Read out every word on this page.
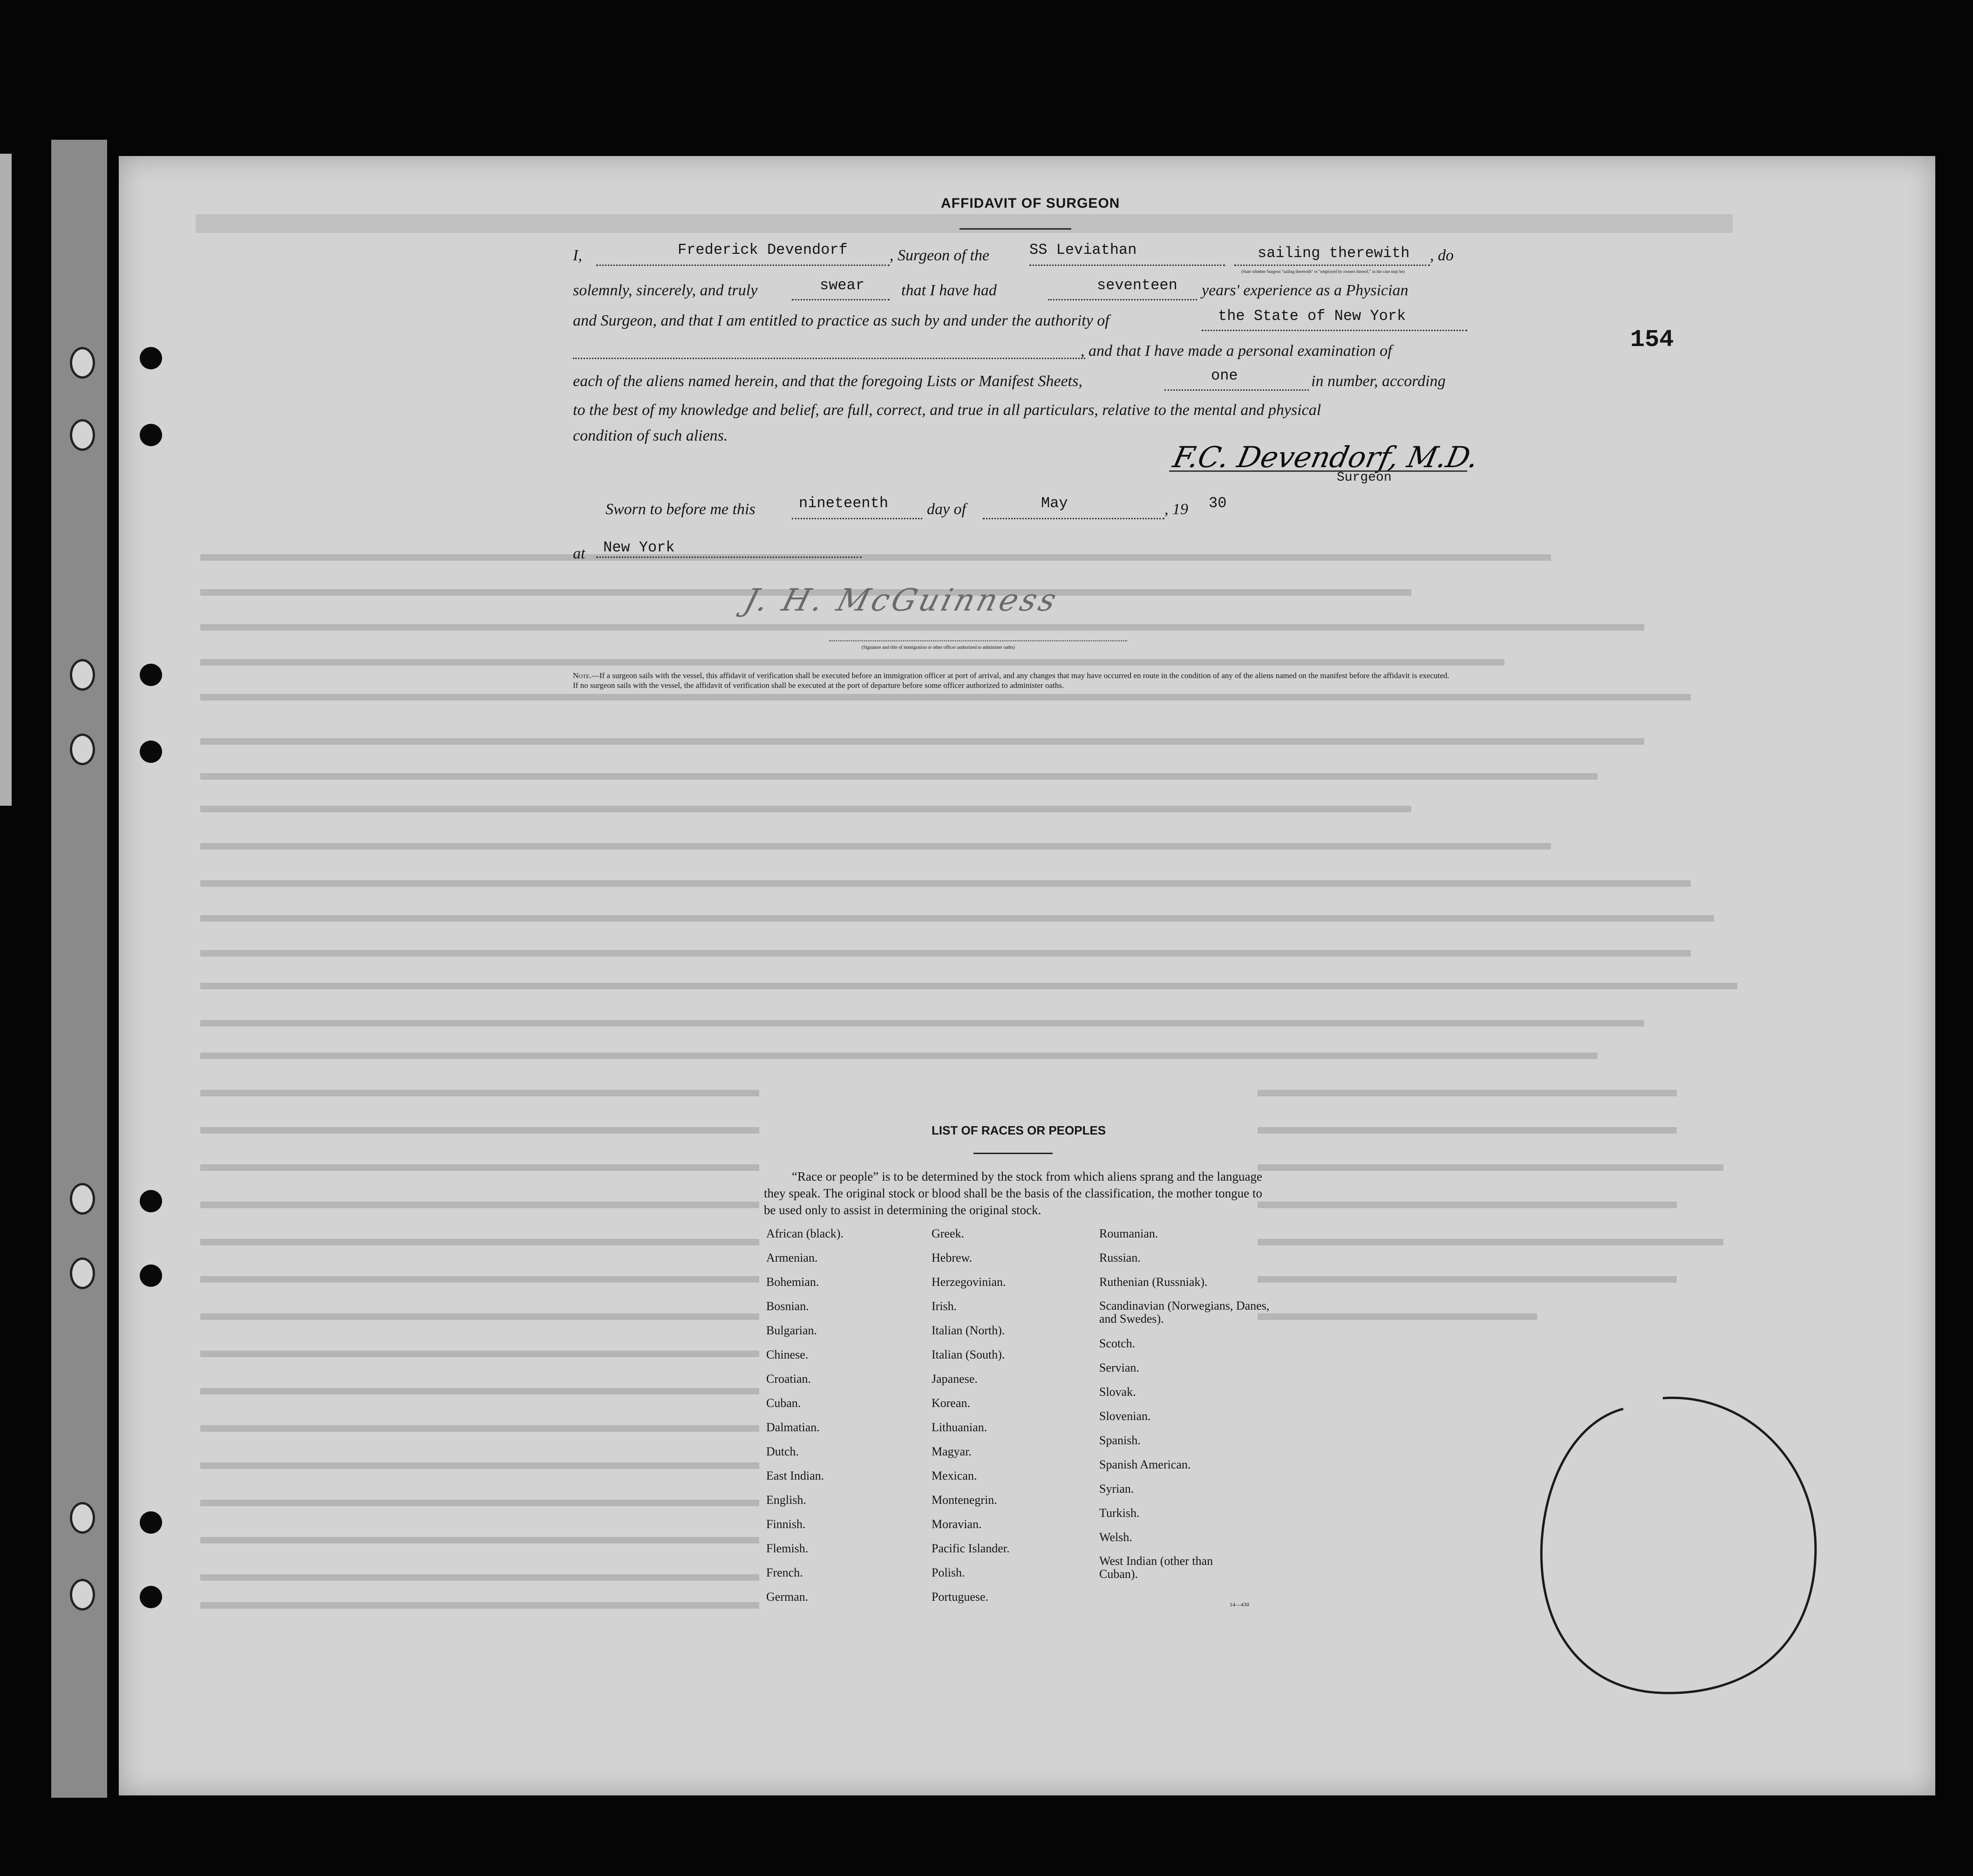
AFFIDAVIT OF SURGEON
I,	Frederick Devendorf	, Surgeon of the	SS Leviathan	sailing therewith , do
(State whether Surgeon "sailing therewith" or "employed by owners thereof," as the case may be)
solemnly, sincerely, and truly	swear that I have had	seventeen years' experience as a Physician
and Surgeon, and that I am entitled to practice as such by and under the authority of	the State of New York
, and that I have made a personal examination of
each of the aliens named herein, and that the foregoing Lists or Manifest Sheets,	one	in number, according
to the best of my knowledge and belief, are full, correct, and true in all particulars, relative to the mental and physical
condition of such aliens.
F.C. Devendorf, M.D.
Surgeon
Sworn to before me this	nineteenth day of	May	, 19 30
at New York
J. H. McGuinness
(Signature and title of immigration or other officer authorized to administer oaths)
Note.—If a surgeon sails with the vessel, this affidavit of verification shall be executed before an immigration officer at port of arrival, and any changes that may have occurred en route in the condition of any of the aliens named on the manifest before the affidavit is executed.
If no surgeon sails with the vessel, the affidavit of verification shall be executed at the port of departure before some officer authorized to administer oaths.
154
LIST OF RACES OR PEOPLES
“Race or people” is to be determined by the stock from which aliens sprang and the language they speak. The original stock or blood shall be the basis of the classification, the mother tongue to be used only to assist in determining the original stock.
African (black).
Armenian.
Bohemian.
Bosnian.
Bulgarian.
Chinese.
Croatian.
Cuban.
Dalmatian.
Dutch.
East Indian.
English.
Finnish.
Flemish.
French.
German.
Greek.
Hebrew.
Herzegovinian.
Irish.
Italian (North).
Italian (South).
Japanese.
Korean.
Lithuanian.
Magyar.
Mexican.
Montenegrin.
Moravian.
Pacific Islander.
Polish.
Portuguese.
Roumanian.
Russian.
Ruthenian (Russniak).
Scandinavian (Norwegians, Danes, and Swedes).
Scotch.
Servian.
Slovak.
Slovenian.
Spanish.
Spanish American.
Syrian.
Turkish.
Welsh.
West Indian (other than Cuban).
14—430
